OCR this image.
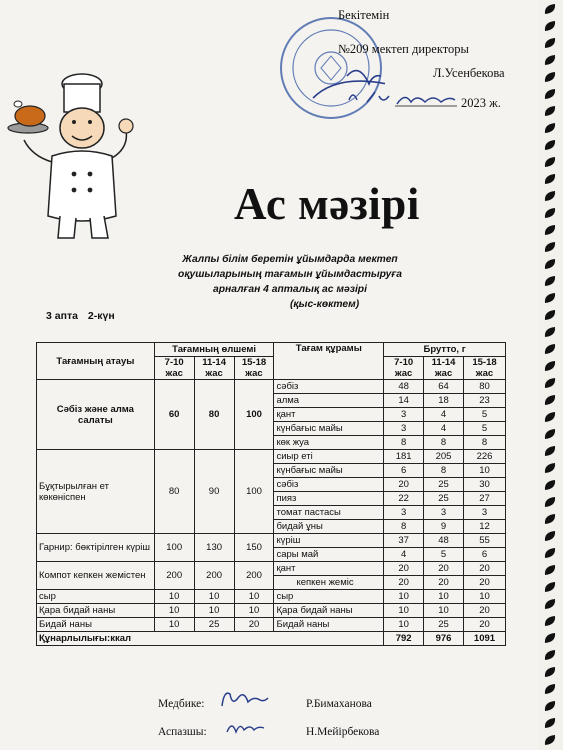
Бекітемін
№209 мектеп директоры
Л.Усенбекова
2023 ж.
Ас мәзірі
Жалпы білім беретін ұйымдарда мектеп
оқушыларының тағамын ұйымдастыруға
арналған 4 апталық ас мәзірі
(қыс-көктем)
3 апта 2-күн
Тағамның атауы	Тағамның өлшемі			Тағам құрамы	Брутто, г		
	7-10 жас	11-14 жас	15-18 жас		7-10 жас	11-14 жас	15-18 жас
Сәбіз және алма салаты	60	80	100	сәбіз	48	64	80
				алма	14	18	23
				қант	3	4	5
				күнбағыс майы	3	4	5
				көк жуа	8	8	8
Бұқтырылған ет көкөніспен	80	90	100	сиыр еті	181	205	226
				күнбағыс майы	6	8	10
				сәбіз	20	25	30
				пияз	22	25	27
				томат пастасы	3	3	3
				бидай ұны	8	9	12
Гарнир: бөктірілген күріш	100	130	150	күріш	37	48	55
				сары май	4	5	6
Компот кепкен жемістен	200	200	200	қант	20	20	20
				кепкен жеміс	20	20	20
сыр	10	10	10	сыр	10	10	10
Қара бидай наны	10	10	10	Қара бидай наны	10	10	20
Бидай наны	10	25	20	Бидай наны	10	25	20
Құнарлылығы:ккал					792	976	1091
Медбике:	Р.Бимаханова
Аспазшы:	Н.Мейірбекова
